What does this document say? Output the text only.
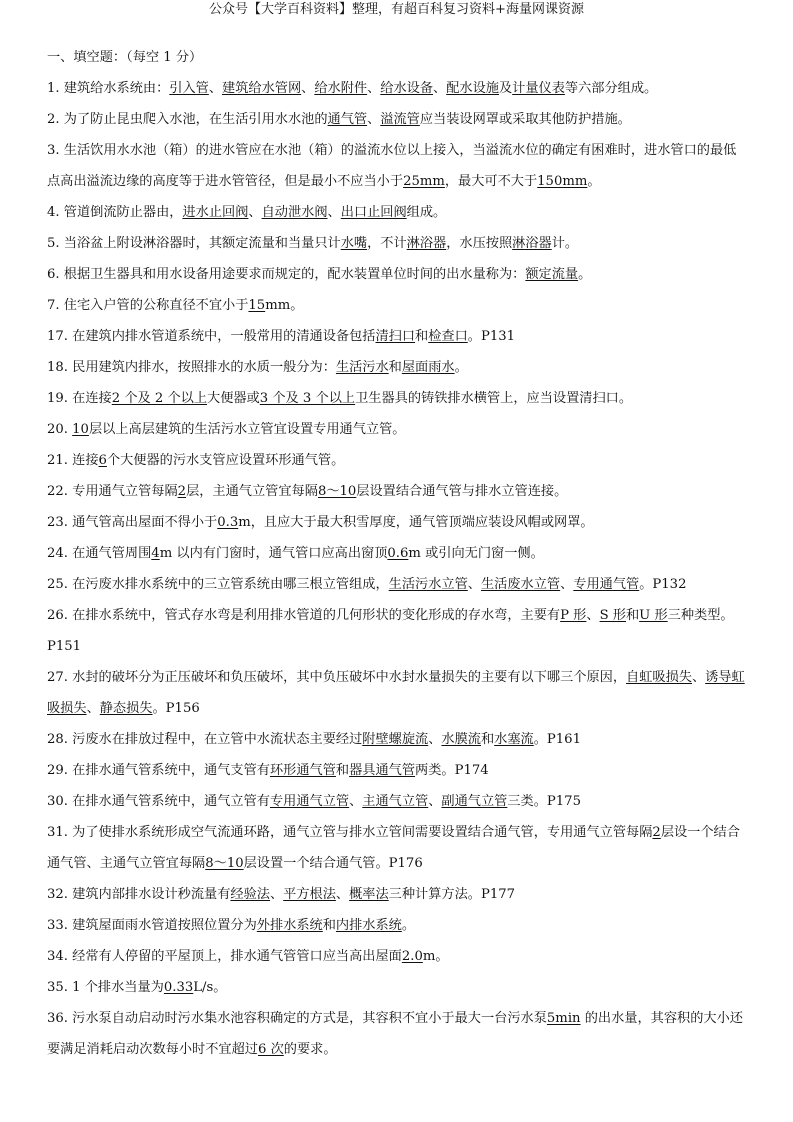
公众号【大学百科资料】整理，有超百科复习资料+海量网课资源
一、填空题：（每空 1 分）
1. 建筑给水系统由：引入管、建筑给水管网、给水附件、给水设备、配水设施及计量仪表等六部分组成。
2. 为了防止昆虫爬入水池，在生活引用水水池的通气管、溢流管应当装设网罩或采取其他防护措施。
3. 生活饮用水水池（箱）的进水管应在水池（箱）的溢流水位以上接入，当溢流水位的确定有困难时，进水管口的最低点高出溢流边缘的高度等于进水管管径，但是最小不应当小于25mm，最大可不大于150mm。
4. 管道倒流防止器由，进水止回阀、自动泄水阀、出口止回阀组成。
5. 当浴盆上附设淋浴器时，其额定流量和当量只计水嘴，不计淋浴器，水压按照淋浴器计。
6. 根据卫生器具和用水设备用途要求而规定的，配水装置单位时间的出水量称为：额定流量。
7. 住宅入户管的公称直径不宜小于15mm。
17. 在建筑内排水管道系统中，一般常用的清通设备包括清扫口和检查口。P131
18. 民用建筑内排水，按照排水的水质一般分为：生活污水和屋面雨水。
19. 在连接2 个及 2 个以上大便器或3 个及 3 个以上卫生器具的铸铁排水横管上，应当设置清扫口。
20. 10层以上高层建筑的生活污水立管宜设置专用通气立管。
21. 连接6个大便器的污水支管应设置环形通气管。
22. 专用通气立管每隔2层，主通气立管宜每隔8～10层设置结合通气管与排水立管连接。
23. 通气管高出屋面不得小于0.3m，且应大于最大积雪厚度，通气管顶端应装设风帽或网罩。
24. 在通气管周围4m 以内有门窗时，通气管口应高出窗顶0.6m 或引向无门窗一侧。
25. 在污废水排水系统中的三立管系统由哪三根立管组成，生活污水立管、生活废水立管、专用通气管。P132
26. 在排水系统中，管式存水弯是利用排水管道的几何形状的变化形成的存水弯，主要有P 形、S 形和U 形三种类型。P151
27. 水封的破坏分为正压破坏和负压破坏，其中负压破坏中水封水量损失的主要有以下哪三个原因，自虹吸损失、诱导虹吸损失、静态损失。P156
28. 污废水在排放过程中，在立管中水流状态主要经过附壁螺旋流、水膜流和水塞流。P161
29. 在排水通气管系统中，通气支管有环形通气管和器具通气管两类。P174
30. 在排水通气管系统中，通气立管有专用通气立管、主通气立管、副通气立管三类。P175
31. 为了使排水系统形成空气流通环路，通气立管与排水立管间需要设置结合通气管，专用通气立管每隔2层设一个结合通气管、主通气立管宜每隔8～10层设置一个结合通气管。P176
32. 建筑内部排水设计秒流量有经验法、平方根法、概率法三种计算方法。P177
33. 建筑屋面雨水管道按照位置分为外排水系统和内排水系统。
34. 经常有人停留的平屋顶上，排水通气管管口应当高出屋面2.0m。
35. 1 个排水当量为0.33L/s。
36. 污水泵自动启动时污水集水池容积确定的方式是，其容积不宜小于最大一台污水泵5min 的出水量，其容积的大小还要满足消耗启动次数每小时不宜超过6 次的要求。
